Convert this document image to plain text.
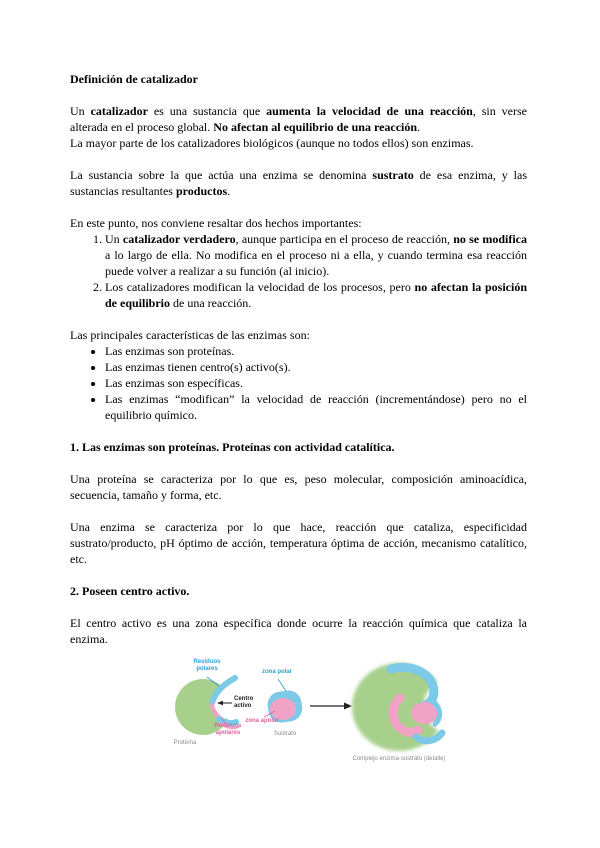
Definición de catalizador

Un catalizador es una sustancia que aumenta la velocidad de una reacción, sin verse alterada en el proceso global. No afectan al equilibrio de una reacción.

La mayor parte de los catalizadores biológicos (aunque no todos ellos) son enzimas.

La sustancia sobre la que actúa una enzima se denomina sustrato de esa enzima, y las sustancias resultantes productos.

En este punto, nos conviene resaltar dos hechos importantes:

1. Un catalizador verdadero, aunque participa en el proceso de reacción, no se modifica a lo largo de ella. No modifica en el proceso ni a ella, y cuando termina esa reacción puede volver a realizar a su función (al inicio).
2. Los catalizadores modifican la velocidad de los procesos, pero no afectan la posición de equilibrio de una reacción.

Las principales características de las enzimas son:

• Las enzimas son proteínas.
• Las enzimas tienen centro(s) activo(s).
• Las enzimas son específicas.
• Las enzimas “modifican” la velocidad de reacción (incrementándose) pero no el equilibrio químico.
1. Las enzimas son proteínas. Proteínas con actividad catalítica.

Una proteína se caracteriza por lo que es, peso molecular, composición aminoacídica, secuencia, tamaño y forma, etc.

Una enzima se caracteriza por lo que hace, reacción que cataliza, especificidad sustrato/producto, pH óptimo de acción, temperatura óptima de acción, mecanismo catalítico, etc.

2. Poseen centro activo.

El centro activo es una zona específica donde ocurre la reacción química que cataliza la enzima.

Residuos polares
Centro activo
Residuos apolares
Proteína
zona polar
zona apolar
Sustrato
Complejo enzima-sustrato (detalle)
